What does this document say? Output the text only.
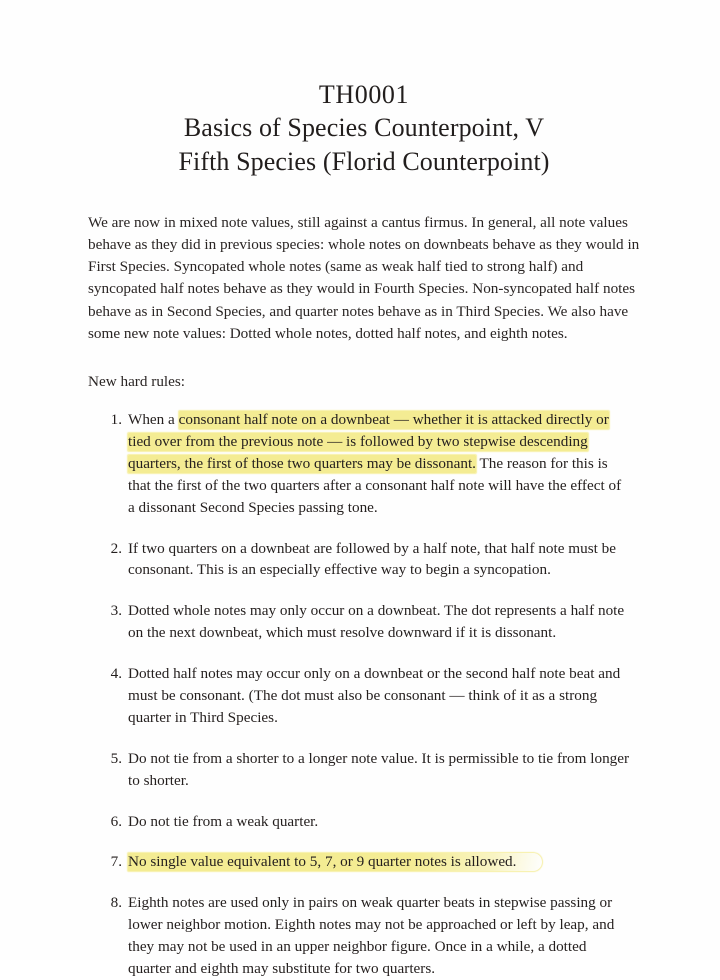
TH0001
Basics of Species Counterpoint, V
Fifth Species (Florid Counterpoint)

We are now in mixed note values, still against a cantus firmus. In general, all note values
behave as they did in previous species: whole notes on downbeats behave as they would in
First Species. Syncopated whole notes (same as weak half tied to strong half) and
syncopated half notes behave as they would in Fourth Species. Non-syncopated half notes
behave as in Second Species, and quarter notes behave as in Third Species. We also have
some new note values: Dotted whole notes, dotted half notes, and eighth notes.

New hard rules:

1. When a consonant half note on a downbeat — whether it is attacked directly or
tied over from the previous note — is followed by two stepwise descending
quarters, the first of those two quarters may be dissonant. The reason for this is
that the first of the two quarters after a consonant half note will have the effect of
a dissonant Second Species passing tone.
2. If two quarters on a downbeat are followed by a half note, that half note must be
consonant. This is an especially effective way to begin a syncopation.
3. Dotted whole notes may only occur on a downbeat. The dot represents a half note
on the next downbeat, which must resolve downward if it is dissonant.
4. Dotted half notes may occur only on a downbeat or the second half note beat and
must be consonant. (The dot must also be consonant — think of it as a strong
quarter in Third Species.
5. Do not tie from a shorter to a longer note value. It is permissible to tie from longer
to shorter.
6. Do not tie from a weak quarter.
7. No single value equivalent to 5, 7, or 9 quarter notes is allowed.
8. Eighth notes are used only in pairs on weak quarter beats in stepwise passing or
lower neighbor motion. Eighth notes may not be approached or left by leap, and
they may not be used in an upper neighbor figure. Once in a while, a dotted
quarter and eighth may substitute for two quarters.
